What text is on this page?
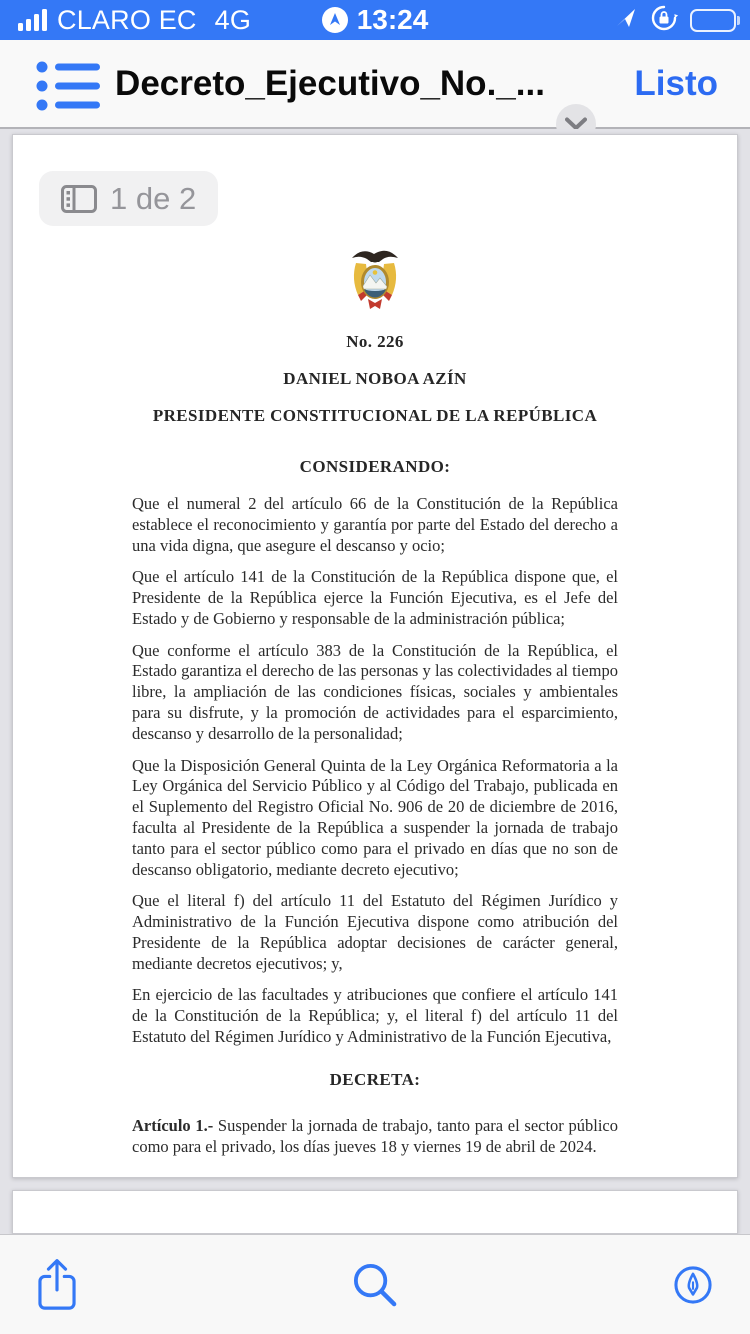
CLARO EC 4G	13:24
Decreto_Ejecutivo_No._...	Listo
1 de 2
No. 226
DANIEL NOBOA AZÍN
PRESIDENTE CONSTITUCIONAL DE LA REPÚBLICA
CONSIDERANDO:

Que el numeral 2 del artículo 66 de la Constitución de la República establece el reconocimiento y garantía por parte del Estado del derecho a una vida digna, que asegure el descanso y ocio;

Que el artículo 141 de la Constitución de la República dispone que, el Presidente de la República ejerce la Función Ejecutiva, es el Jefe del Estado y de Gobierno y responsable de la administración pública;

Que conforme el artículo 383 de la Constitución de la República, el Estado garantiza el derecho de las personas y las colectividades al tiempo libre, la ampliación de las condiciones físicas, sociales y ambientales para su disfrute, y la promoción de actividades para el esparcimiento, descanso y desarrollo de la personalidad;

Que la Disposición General Quinta de la Ley Orgánica Reformatoria a la Ley Orgánica del Servicio Público y al Código del Trabajo, publicada en el Suplemento del Registro Oficial No. 906 de 20 de diciembre de 2016, faculta al Presidente de la República a suspender la jornada de trabajo tanto para el sector público como para el privado en días que no son de descanso obligatorio, mediante decreto ejecutivo;

Que el literal f) del artículo 11 del Estatuto del Régimen Jurídico y Administrativo de la Función Ejecutiva dispone como atribución del Presidente de la República adoptar decisiones de carácter general, mediante decretos ejecutivos; y,

En ejercicio de las facultades y atribuciones que confiere el artículo 141 de la Constitución de la República; y, el literal f) del artículo 11 del Estatuto del Régimen Jurídico y Administrativo de la Función Ejecutiva,

DECRETA:

Artículo 1.- Suspender la jornada de trabajo, tanto para el sector público como para el privado, los días jueves 18 y viernes 19 de abril de 2024.
